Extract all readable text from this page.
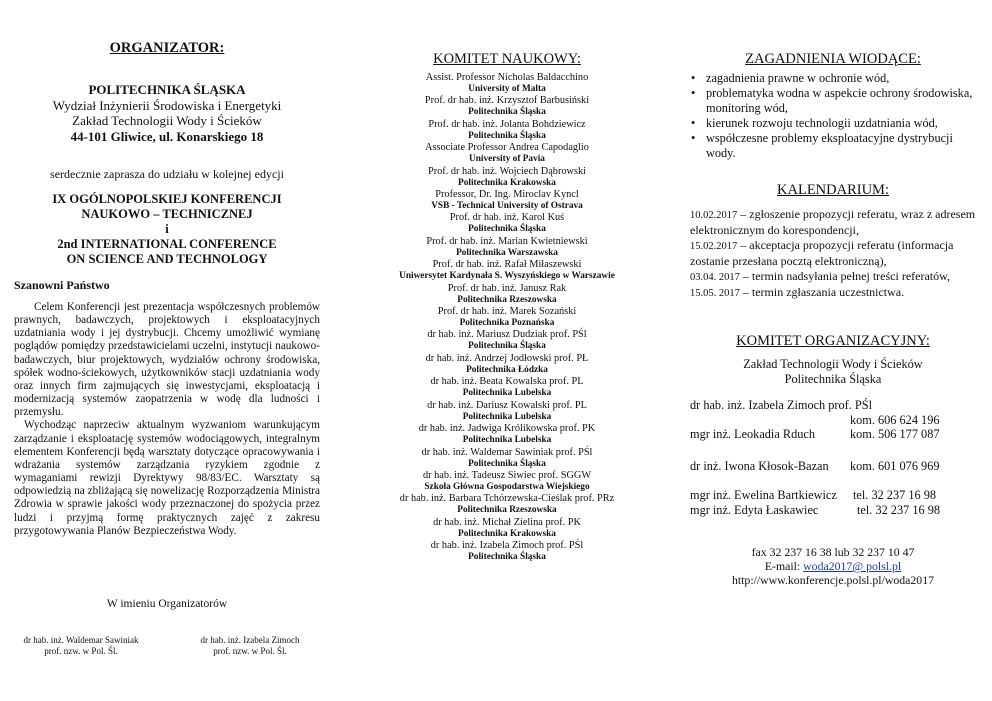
ORGANIZATOR:
POLITECHNIKA ŚLĄSKA
Wydział Inżynierii Środowiska i Energetyki
Zakład Technologii Wody i Ścieków
44-101 Gliwice, ul. Konarskiego 18
serdecznie zaprasza do udziału w kolejnej edycji
IX OGÓLNOPOLSKIEJ KONFERENCJI
NAUKOWO – TECHNICZNEJ
i
2nd INTERNATIONAL CONFERENCE
ON SCIENCE AND TECHNOLOGY
Szanowni Państwo

Celem Konferencji jest prezentacja współczesnych problemów prawnych, badawczych, projektowych i eksploatacyjnych uzdatniania wody i jej dystrybucji. Chcemy umożliwić wymianę poglądów pomiędzy przedstawicielami uczelni, instytucji naukowo-badawczych, biur projektowych, wydziałów ochrony środowiska, spółek wodno-ściekowych, użytkowników stacji uzdatniania wody oraz innych firm zajmujących się inwestycjami, eksploatacją i modernizacją systemów zaopatrzenia w wodę dla ludności i przemysłu.

Wychodząc naprzeciw aktualnym wyzwaniom warunkującym zarządzanie i eksploatację systemów wodociągowych, integralnym elementem Konferencji będą warsztaty dotyczące opracowywania i wdrażania systemów zarządzania ryzykiem zgodnie z wymaganiami rewizji Dyrektywy 98/83/EC. Warsztaty są odpowiedzią na zbliżającą się nowelizację Rozporządzenia Ministra Zdrowia w sprawie jakości wody przeznaczonej do spożycia przez ludzi i przyjmą formę praktycznych zajęć z zakresu przygotowywania Planów Bezpieczeństwa Wody.

W imieniu Organizatorów
dr hab. inż. Waldemar Sawiniak
prof. nzw. w Pol. Śl.
dr hab. inż. Izabela Zimoch
prof. nzw. w Pol. Śl.
KOMITET NAUKOWY:
Assist. Professor Nicholas Baldacchino
University of Malta
Prof. dr hab. inż. Krzysztof Barbusiński
Politechnika Śląska
Prof. dr hab. inż. Jolanta Bohdziewicz
Politechnika Śląska
Associate Professor Andrea Capodaglio
University of Pavia
Prof. dr hab. inż. Wojciech Dąbrowski
Politechnika Krakowska
Professor, Dr. Ing. Miroclav Kyncl
VSB - Technical University of Ostrava
Prof. dr hab. inż. Karol Kuś
Politechnika Śląska
Prof. dr hab. inż. Marian Kwietniewski
Politechnika Warszawska
Prof. dr hab. inż. Rafał Miłaszewski
Uniwersytet Kardynała S. Wyszyńskiego w Warszawie
Prof. dr hab. inż. Janusz Rak
Politechnika Rzeszowska
Prof. dr hab. inż. Marek Sozański
Politechnika Poznańska
dr hab. inż. Mariusz Dudziak prof. PŚl
Politechnika Śląska
dr hab. inż. Andrzej Jodłowski prof. PŁ
Politechnika Łódzka
dr hab. inż. Beata Kowalska prof. PL
Politechnika Lubelska
dr hab. inż. Dariusz Kowalski prof. PL
Politechnika Lubelska
dr hab. inż. Jadwiga Królikowska prof. PK
Politechnika Lubelska
dr hab. inż. Waldemar Sawiniak prof. PŚl
Politechnika Śląska
dr hab. inż. Tadeusz Siwiec prof. SGGW
Szkoła Główna Gospodarstwa Wiejskiego
dr hab. inż. Barbara Tchórzewska-Cieślak prof. PRz
Politechnika Rzeszowska
dr hab. inż. Michał Zielina prof. PK
Politechnika Krakowska
dr hab. inż. Izabela Zimoch prof. PŚl
Politechnika Śląska
ZAGADNIENIA WIODĄCE:
• zagadnienia prawne w ochronie wód,
• problematyka wodna w aspekcie ochrony środowiska, monitoring wód,
• kierunek rozwoju technologii uzdatniania wód,
• współczesne problemy eksploatacyjne dystrybucji wody.
KALENDARIUM:
10.02.2017 – zgłoszenie propozycji referatu, wraz z adresem elektronicznym do korespondencji,
15.02.2017 – akceptacja propozycji referatu (informacja zostanie przesłana pocztą elektroniczną),
03.04. 2017 – termin nadsyłania pełnej treści referatów,
15.05. 2017 – termin zgłaszania uczestnictwa.
KOMITET ORGANIZACYJNY:
Zakład Technologii Wody i Ścieków
Politechnika Śląska
dr hab. inż. Izabela Zimoch prof. PŚl
kom. 606 624 196
mgr inż. Leokadia Rduch	kom. 506 177 087
dr inż. Iwona Kłosok-Bazan	kom. 601 076 969
mgr inż. Ewelina Bartkiewicz	tel. 32 237 16 98
mgr inż. Edyta Łaskawiec	tel. 32 237 16 98
fax 32 237 16 38 lub 32 237 10 47
E-mail: woda2017@ polsl.pl
http://www.konferencje.polsl.pl/woda2017
